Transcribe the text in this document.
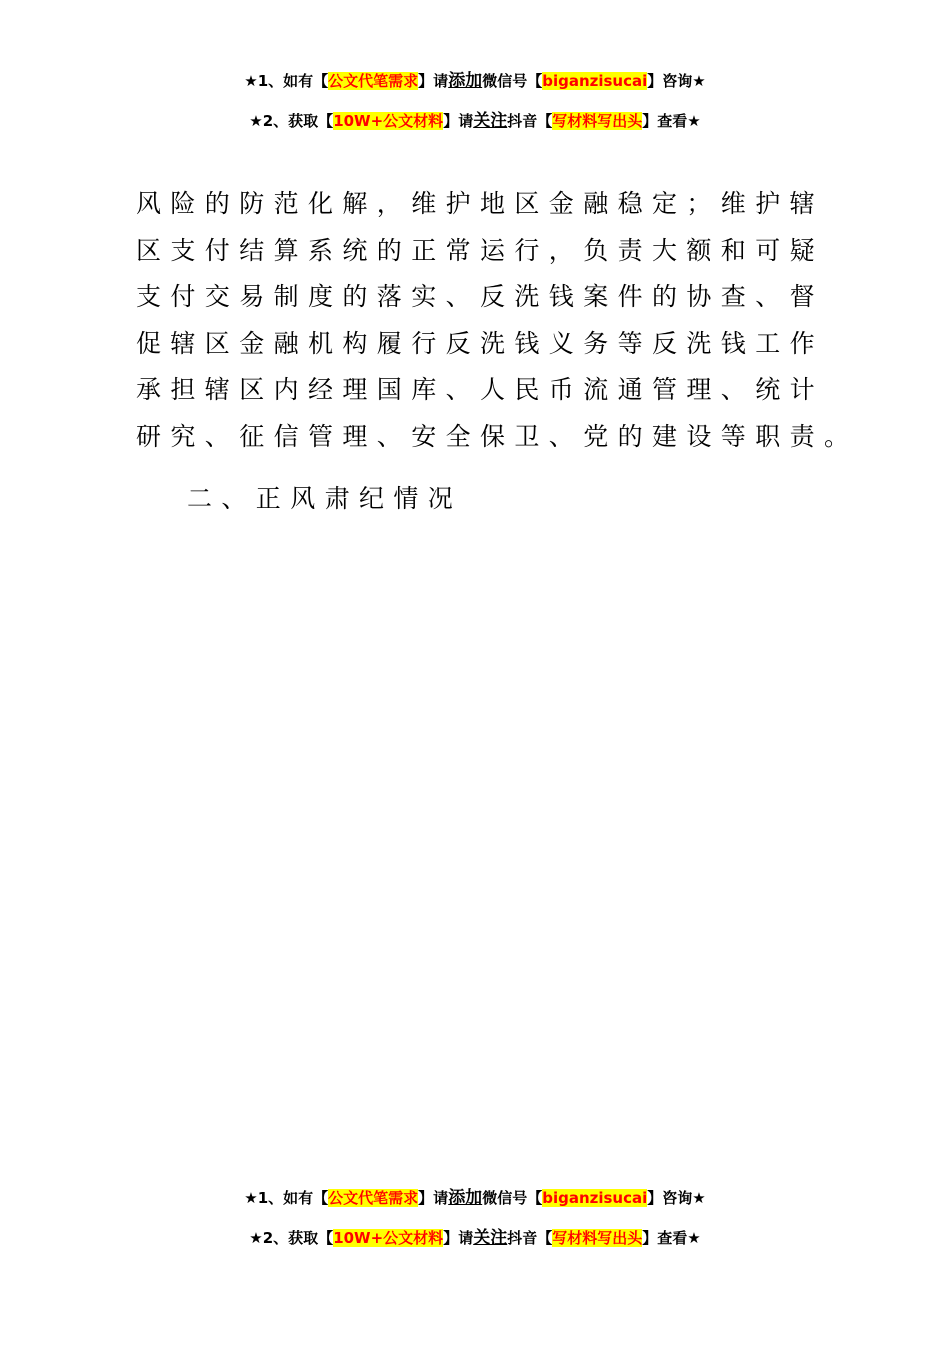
★1、如有【公文代笔需求】请添加微信号【biganzisucai】咨询★
★2、获取【10W+公文材料】请关注抖音【写材料写出头】查看★
风险的防范化解，维护地区金融稳定；维护辖
区支付结算系统的正常运行，负责大额和可疑
支付交易制度的落实、反洗钱案件的协查、督
促辖区金融机构履行反洗钱义务等反洗钱工作
承担辖区内经理国库、人民币流通管理、统计
研究、征信管理、安全保卫、党的建设等职责。
二、正风肃纪情况
★1、如有【公文代笔需求】请添加微信号【biganzisucai】咨询★
★2、获取【10W+公文材料】请关注抖音【写材料写出头】查看★
